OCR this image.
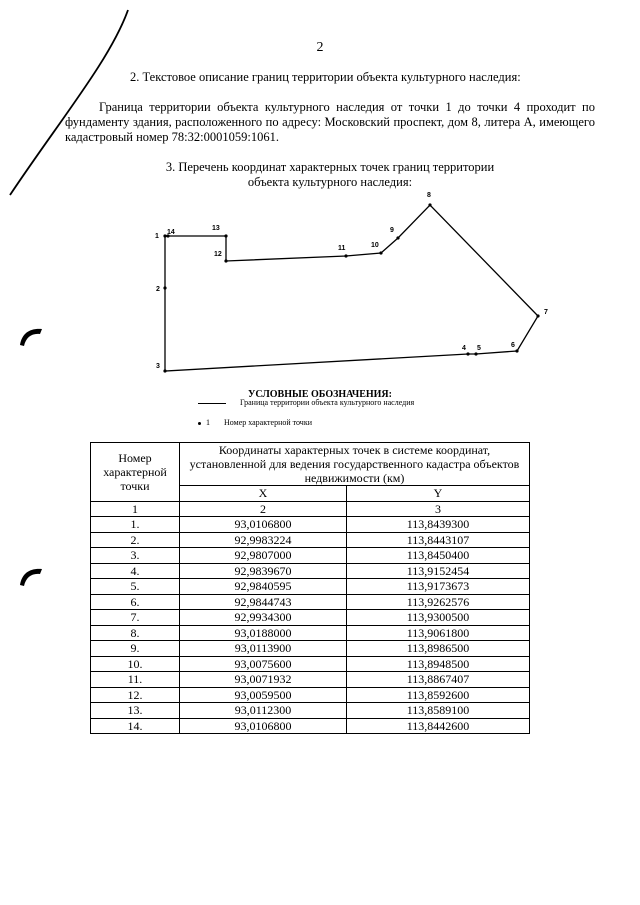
2
2. Текстовое описание границ территории объекта культурного наследия:
Граница территории объекта культурного наследия от точки 1 до точки 4 проходит по фундаменту здания, расположенного по адресу: Московский проспект, дом 8, литера А, имеющего кадастровый номер 78:32:0001059:1061.
3. Перечень координат характерных точек границ территории
объекта культурного наследия:
1
2
3
4 5	6
7
8
9
10
11
12
13
14
УСЛОВНЫЕ ОБОЗНАЧЕНИЯ:
Граница территории объекта культурного наследия
1 Номер характерной точки
Номер характерной точки	Координаты характерных точек в системе координат, установленной для ведения государственного кадастра объектов недвижимости (км)	
	X	Y
1	2	3
1.	93,0106800	113,8439300
2.	92,9983224	113,8443107
3.	92,9807000	113,8450400
4.	92,9839670	113,9152454
5.	92,9840595	113,9173673
6.	92,9844743	113,9262576
7.	92,9934300	113,9300500
8.	93,0188000	113,9061800
9.	93,0113900	113,8986500
10.	93,0075600	113,8948500
11.	93,0071932	113,8867407
12.	93,0059500	113,8592600
13.	93,0112300	113,8589100
14.	93,0106800	113,8442600
